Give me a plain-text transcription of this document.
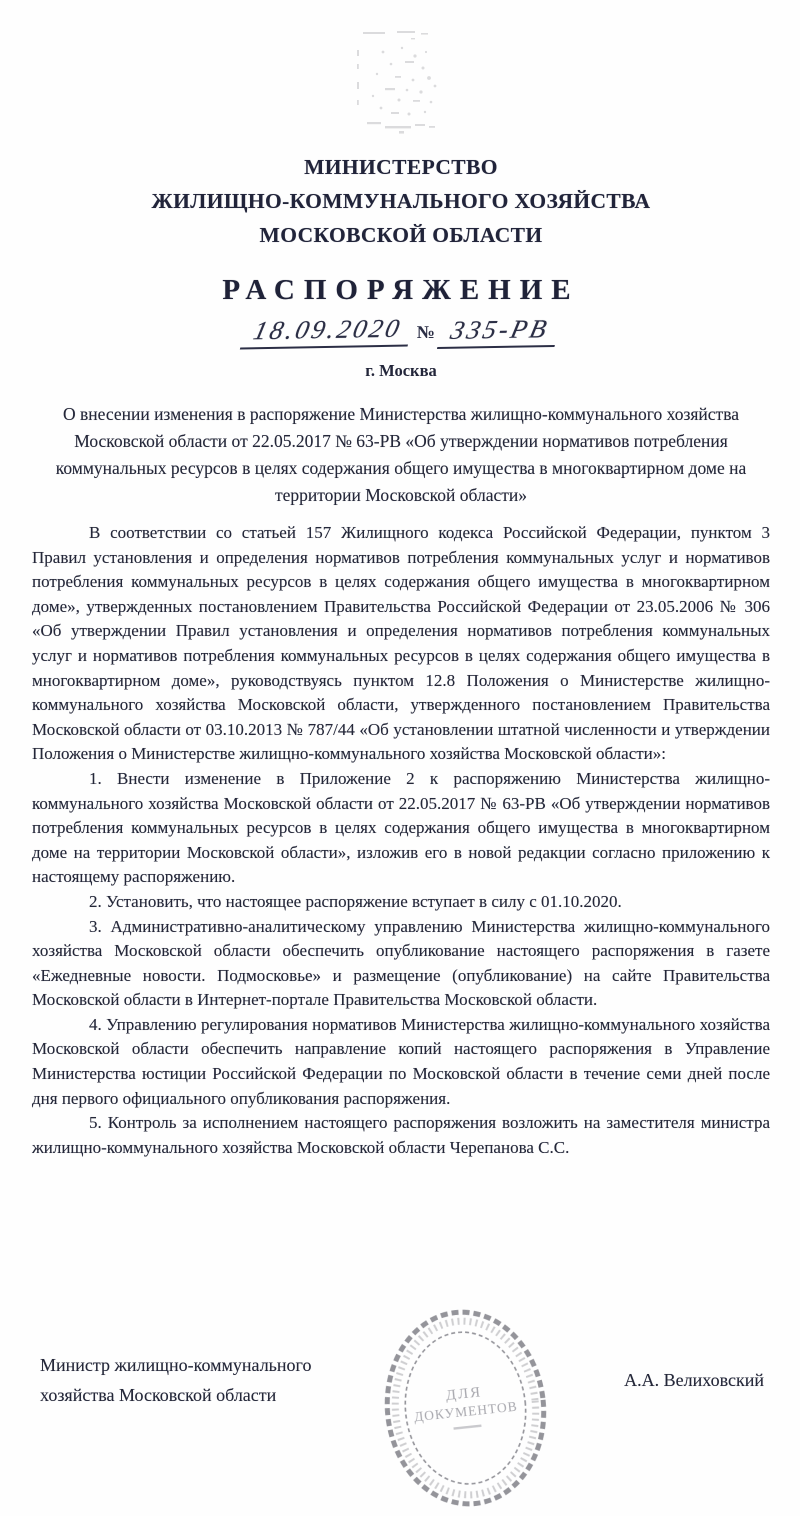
МИНИСТЕРСТВО
ЖИЛИЩНО-КОММУНАЛЬНОГО ХОЗЯЙСТВА
МОСКОВСКОЙ ОБЛАСТИ
РАСПОРЯЖЕНИЕ
18.09.2020 № 335-РВ
г. Москва
О внесении изменения в распоряжение Министерства жилищно-коммунального хозяйства Московской области от 22.05.2017 № 63-РВ «Об утверждении нормативов потребления коммунальных ресурсов в целях содержания общего имущества в многоквартирном доме на территории Московской области»

В соответствии со статьей 157 Жилищного кодекса Российской Федерации, пунктом 3 Правил установления и определения нормативов потребления коммунальных услуг и нормативов потребления коммунальных ресурсов в целях содержания общего имущества в многоквартирном доме», утвержденных постановлением Правительства Российской Федерации от 23.05.2006 № 306 «Об утверждении Правил установления и определения нормативов потребления коммунальных услуг и нормативов потребления коммунальных ресурсов в целях содержания общего имущества в многоквартирном доме», руководствуясь пунктом 12.8 Положения о Министерстве жилищно-коммунального хозяйства Московской области, утвержденного постановлением Правительства Московской области от 03.10.2013 № 787/44 «Об установлении штатной численности и утверждении Положения о Министерстве жилищно-коммунального хозяйства Московской области»:

1. Внести изменение в Приложение 2 к распоряжению Министерства жилищно-коммунального хозяйства Московской области от 22.05.2017 № 63-РВ «Об утверждении нормативов потребления коммунальных ресурсов в целях содержания общего имущества в многоквартирном доме на территории Московской области», изложив его в новой редакции согласно приложению к настоящему распоряжению.

2. Установить, что настоящее распоряжение вступает в силу с 01.10.2020.

3. Административно-аналитическому управлению Министерства жилищно-коммунального хозяйства Московской области обеспечить опубликование настоящего распоряжения в газете «Ежедневные новости. Подмосковье» и размещение (опубликование) на сайте Правительства Московской области в Интернет-портале Правительства Московской области.

4. Управлению регулирования нормативов Министерства жилищно-коммунального хозяйства Московской области обеспечить направление копий настоящего распоряжения в Управление Министерства юстиции Российской Федерации по Московской области в течение семи дней после дня первого официального опубликования распоряжения.

5. Контроль за исполнением настоящего распоряжения возложить на заместителя министра жилищно-коммунального хозяйства Московской области Черепанова С.С.

Министр жилищно-коммунального
хозяйства Московской области	ДЛЯ
ДОКУМЕНТОВ
А.А. Велиховский
